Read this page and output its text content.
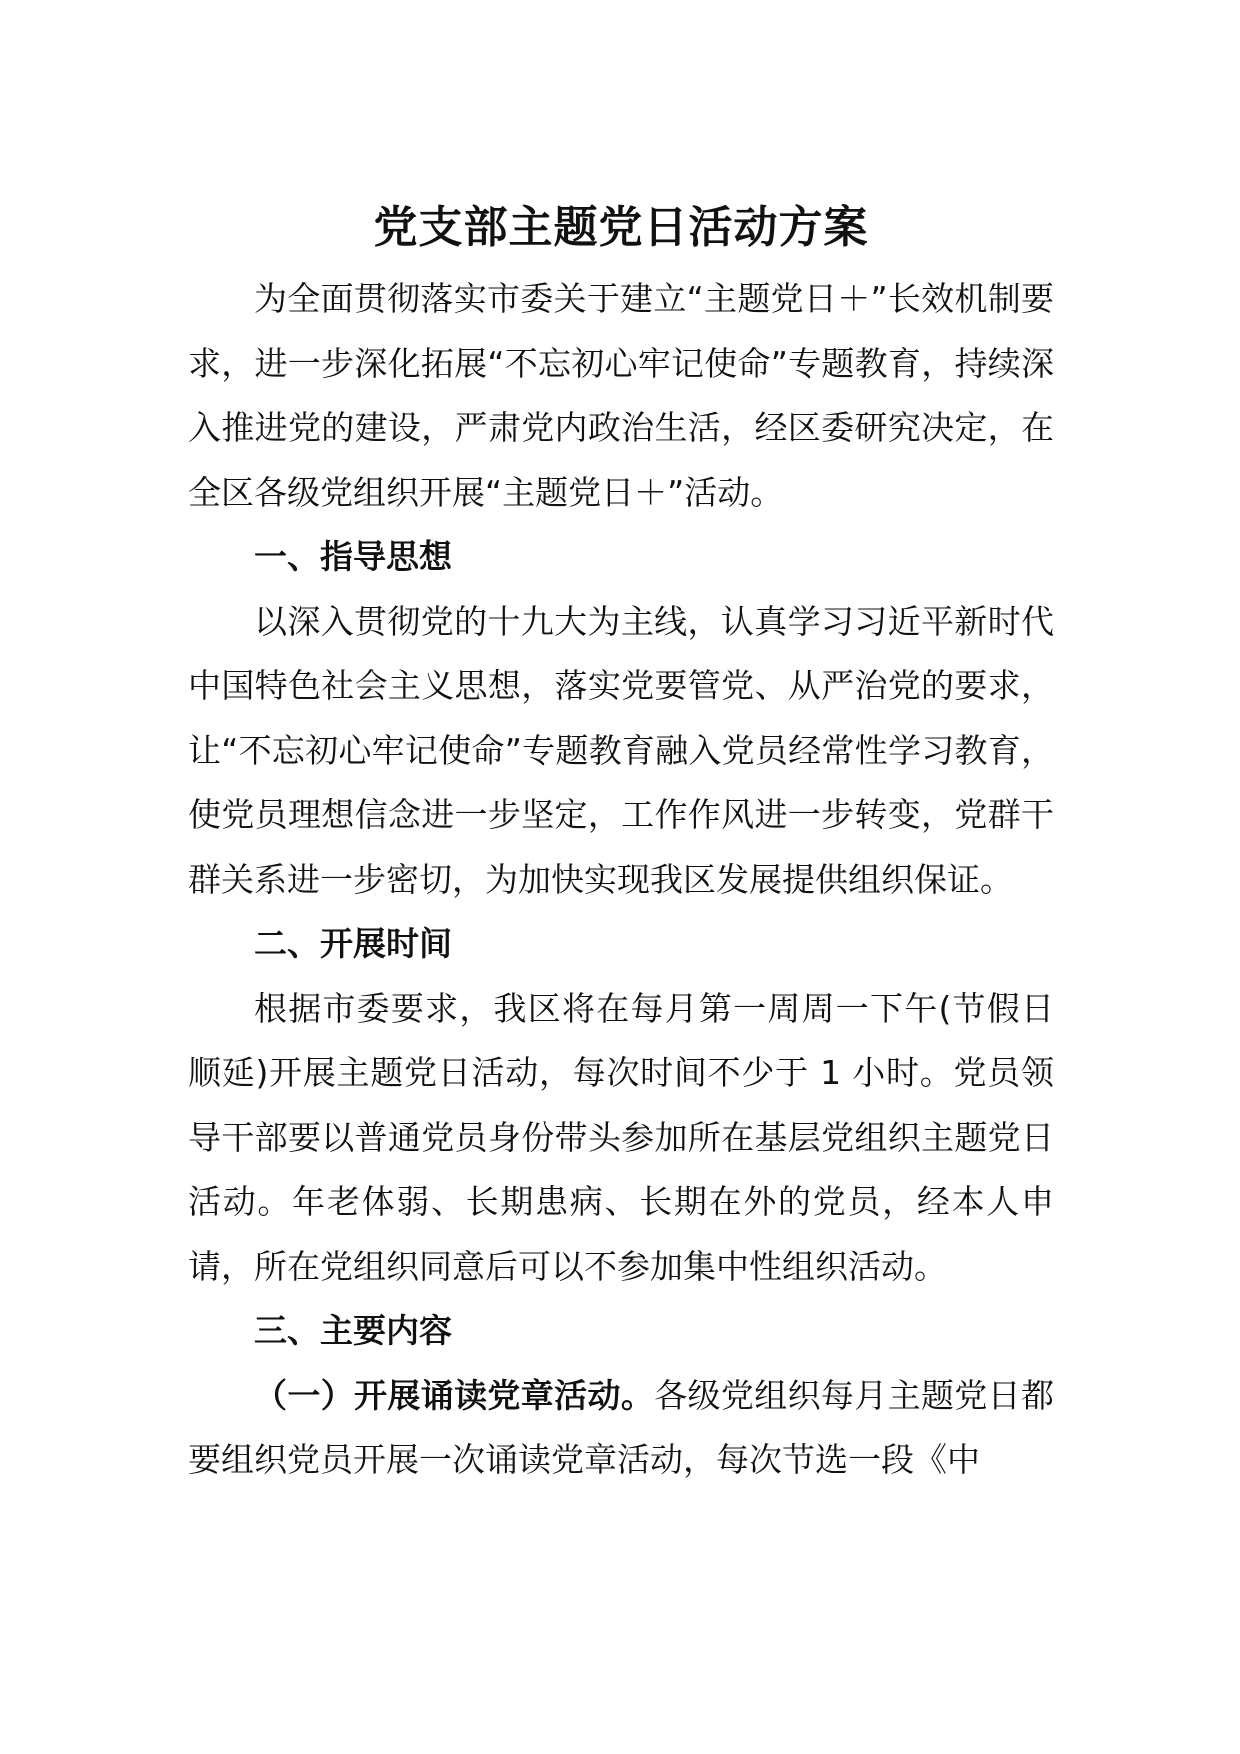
党支部主题党日活动方案

为全面贯彻落实市委关于建立“主题党日＋”长效机制要求，进一步深化拓展“不忘初心牢记使命”专题教育，持续深入推进党的建设，严肃党内政治生活，经区委研究决定，在全区各级党组织开展“主题党日＋”活动。

一、指导思想

以深入贯彻党的十九大为主线，认真学习习近平新时代中国特色社会主义思想，落实党要管党、从严治党的要求，让“不忘初心牢记使命”专题教育融入党员经常性学习教育，使党员理想信念进一步坚定，工作作风进一步转变，党群干群关系进一步密切，为加快实现我区发展提供组织保证。

二、开展时间

根据市委要求，我区将在每月第一周周一下午(节假日顺延)开展主题党日活动，每次时间不少于 1 小时。党员领导干部要以普通党员身份带头参加所在基层党组织主题党日活动。年老体弱、长期患病、长期在外的党员，经本人申请，所在党组织同意后可以不参加集中性组织活动。

三、主要内容

（一）开展诵读党章活动。各级党组织每月主题党日都要组织党员开展一次诵读党章活动，每次节选一段《中
